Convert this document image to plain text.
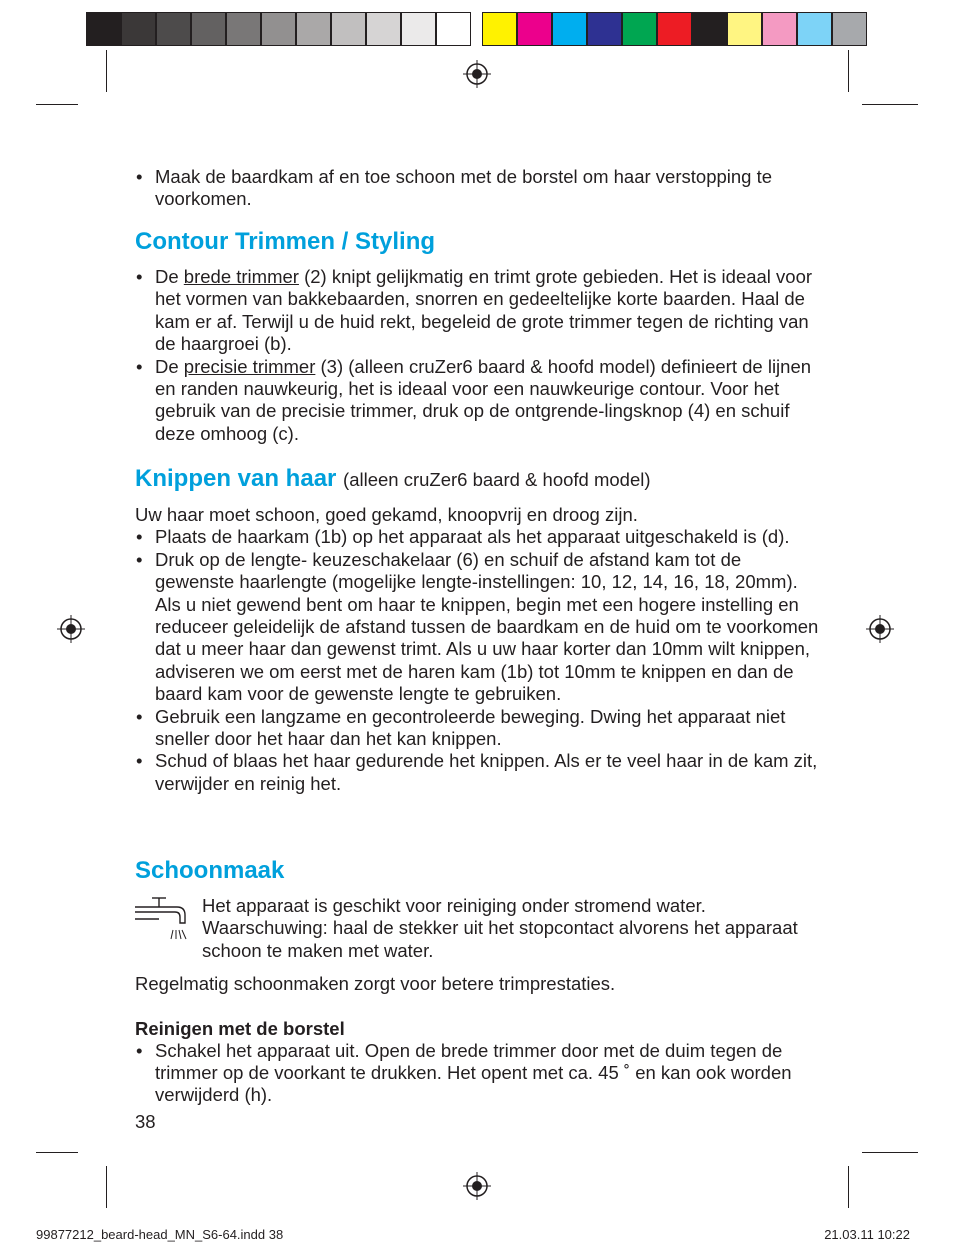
• Maak de baardkam af en toe schoon met de borstel om haar verstopping te voorkomen.
Contour Trimmen / Styling
• De brede trimmer (2) knipt gelijkmatig en trimt grote gebieden. Het is ideaal voor het vormen van bakkebaarden, snorren en gedeeltelijke korte baarden. Haal de kam er af. Terwijl u de huid rekt, begeleid de grote trimmer tegen de richting van de haargroei (b).
• De precisie trimmer (3) (alleen cruZer6 baard & hoofd model) definieert de lijnen en randen nauwkeurig, het is ideaal voor een nauwkeurige contour. Voor het gebruik van de precisie trimmer, druk op de ontgrende-lingsknop (4) en schuif deze omhoog (c).
Knippen van haar (alleen cruZer6 baard & hoofd model)
Uw haar moet schoon, goed gekamd, knoopvrij en droog zijn.
• Plaats de haarkam (1b) op het apparaat als het apparaat uitgeschakeld is (d).
• Druk op de lengte- keuzeschakelaar (6) en schuif de afstand kam tot de gewenste haarlengte (mogelijke lengte-instellingen: 10, 12, 14, 16, 18, 20mm). Als u niet gewend bent om haar te knippen, begin met een hogere instelling en reduceer geleidelijk de afstand tussen de baardkam en de huid om te voorkomen dat u meer haar dan gewenst trimt. Als u uw haar korter dan 10mm wilt knippen, adviseren we om eerst met de haren kam (1b) tot 10mm te knippen en dan de baard kam voor de gewenste lengte te gebruiken.
• Gebruik een langzame en gecontroleerde beweging. Dwing het apparaat niet sneller door het haar dan het kan knippen.
• Schud of blaas het haar gedurende het knippen. Als er te veel haar in de kam zit, verwijder en reinig het.
Schoonmaak
Het apparaat is geschikt voor reiniging onder stromend water. Waarschuwing: haal de stekker uit het stopcontact alvorens het apparaat schoon te maken met water.
Regelmatig schoonmaken zorgt voor betere trimprestaties.
Reinigen met de borstel
• Schakel het apparaat uit. Open de brede trimmer door met de duim tegen de trimmer op de voorkant te drukken. Het opent met ca. 45 ˚ en kan ook worden verwijderd (h).
38
99877212_beard-head_MN_S6-64.indd 38	21.03.11 10:22
